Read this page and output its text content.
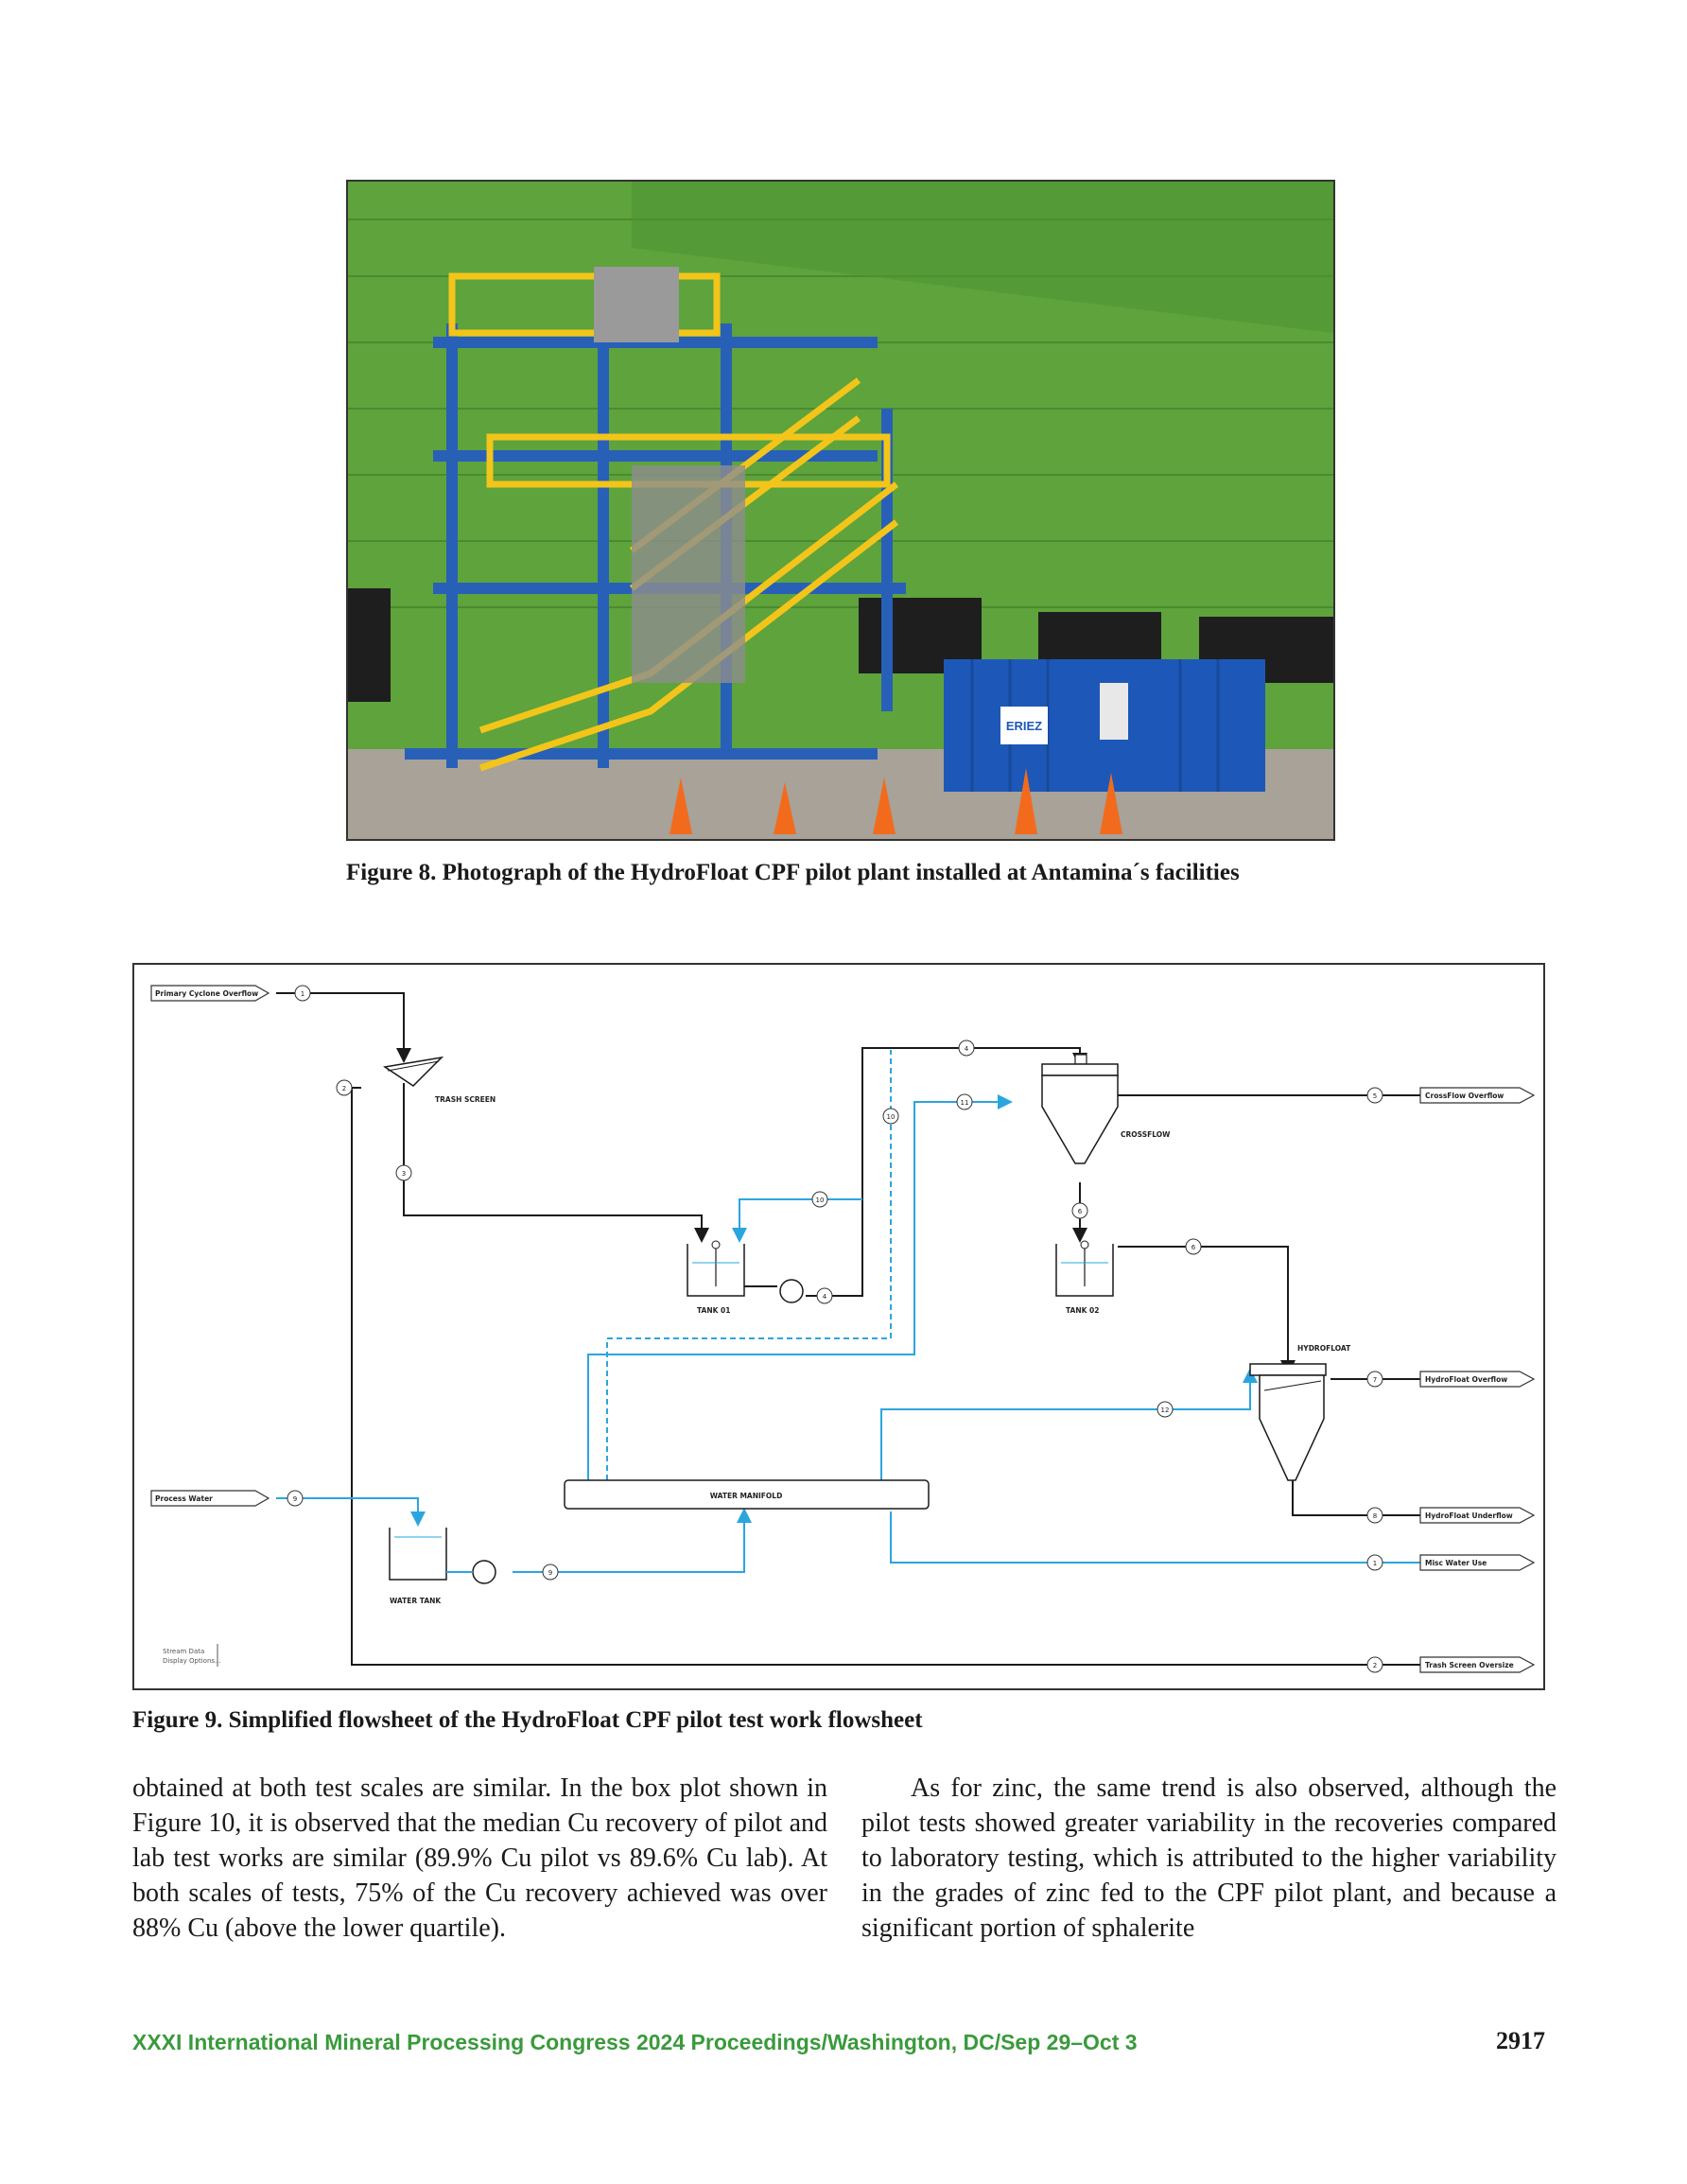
ERIEZ
Figure 8. Photograph of the HydroFloat CPF pilot plant installed at Antamina´s facilities
Primary Cyclone Overflow
Process Water
CrossFlow Overflow
HydroFloat Overflow
HydroFloat Underflow
Misc Water Use
Trash Screen Oversize
TRASH SCREEN
CROSSFLOW
TANK 01	TANK 02
HYDROFLOAT
WATER MANIFOLD
WATER TANK
1
2
3
4
4
5
6
6
7
8
9
9
10
10
11
12
1
2
Stream Data
Display Options...
Figure 9. Simplified flowsheet of the HydroFloat CPF pilot test work flowsheet

obtained at both test scales are similar. In the box plot shown in Figure 10, it is observed that the median Cu recovery of pilot and lab test works are similar (89.9% Cu pilot vs 89.6% Cu lab). At both scales of tests, 75% of the Cu recovery achieved was over 88% Cu (above the lower quartile).

As for zinc, the same trend is also observed, although the pilot tests showed greater variability in the recoveries compared to laboratory testing, which is attributed to the higher variability in the grades of zinc fed to the CPF pilot plant, and because a significant portion of sphalerite

XXXI International Mineral Processing Congress 2024 Proceedings/Washington, DC/Sep 29–Oct 3	2917
